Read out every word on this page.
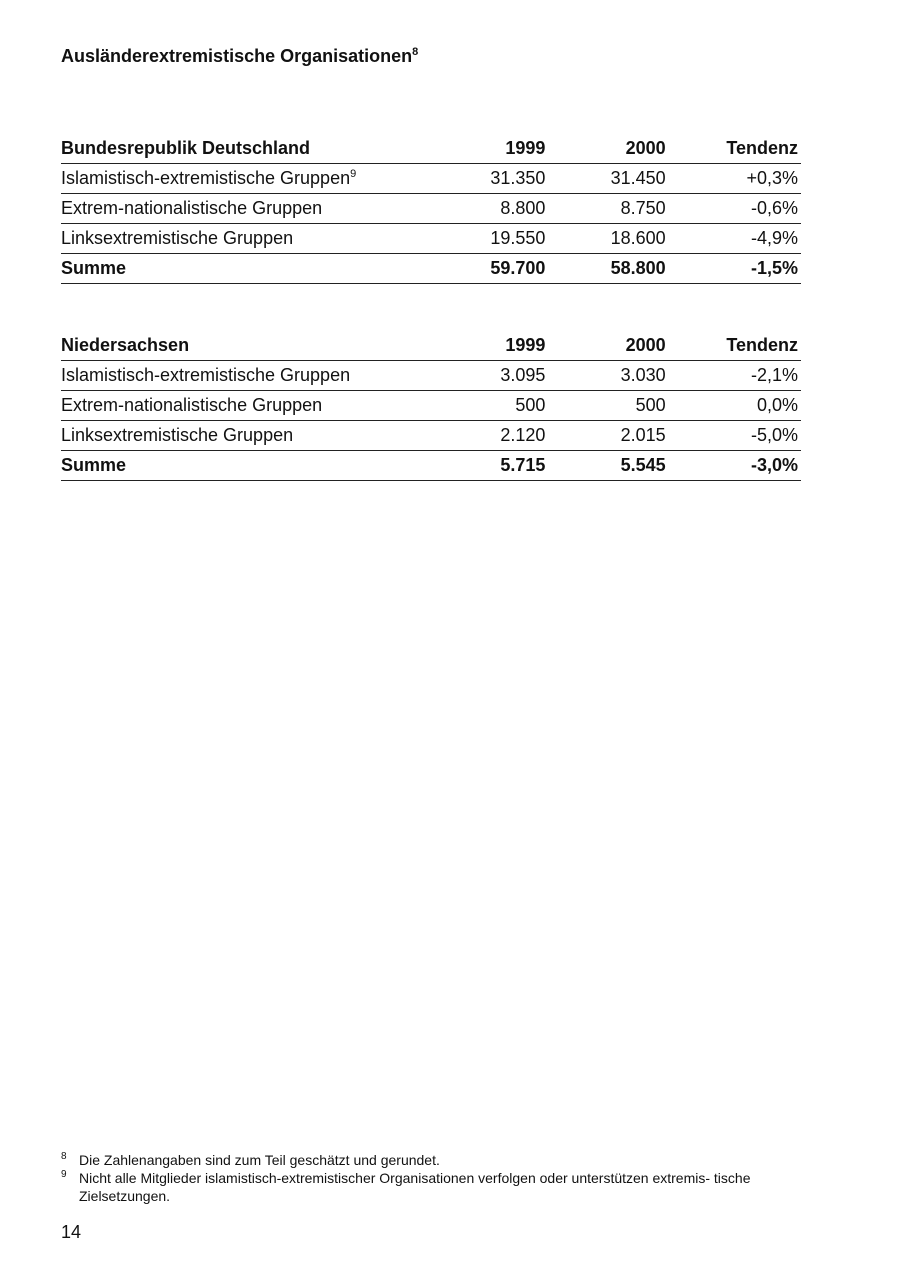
Ausländerextremistische Organisationen$^8$
Bundesrepublik Deutschland	1999	2000	Tendenz
Islamistisch-extremistische Gruppen$^9$	31.350	31.450	+0,3%
Extrem-nationalistische Gruppen	8.800	8.750	-0,6%
Linksextremistische Gruppen	19.550	18.600	-4,9%
Summe	59.700	58.800	-1,5%
Niedersachsen	1999	2000	Tendenz
Islamistisch-extremistische Gruppen	3.095	3.030	-2,1%
Extrem-nationalistische Gruppen	500	500	0,0%
Linksextremistische Gruppen	2.120	2.015	-5,0%
Summe	5.715	5.545	-3,0%
8 Die Zahlenangaben sind zum Teil geschätzt und gerundet.
9 Nicht alle Mitglieder islamistisch-extremistischer Organisationen verfolgen oder unterstützen extremis- tische Zielsetzungen.
14
